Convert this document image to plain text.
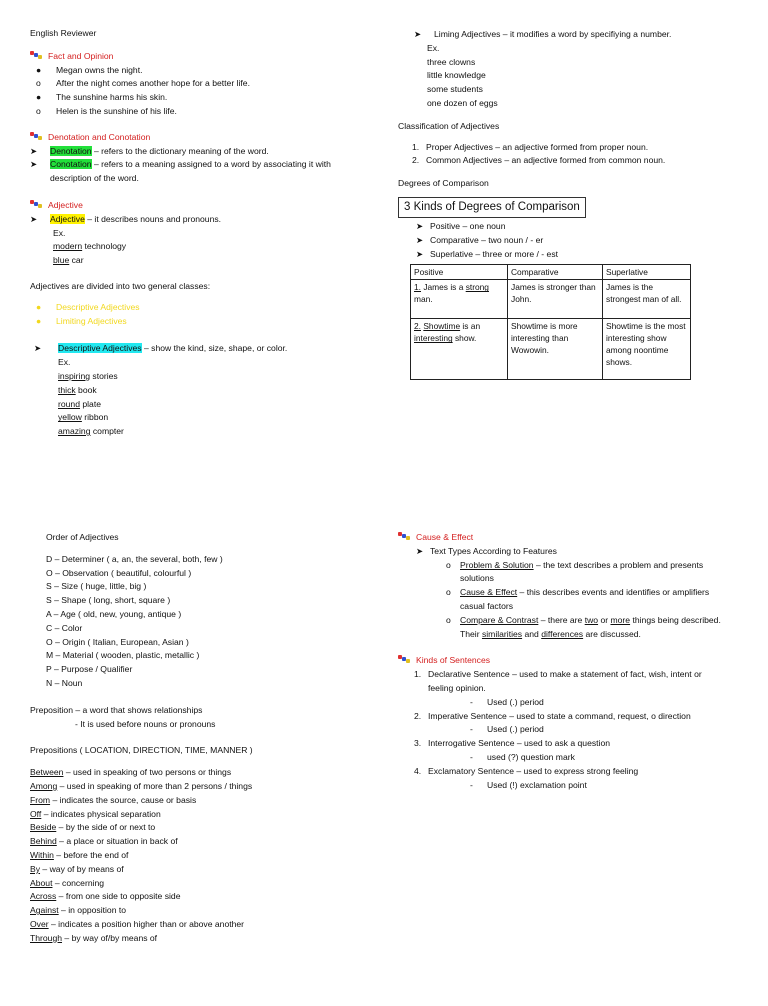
English Reviewer
Fact and Opinion
● Megan owns the night.
o After the night comes another hope for a better life.
● The sunshine harms his skin.
o Helen is the sunshine of his life.
Denotation and Conotation
➤ Denotation – refers to the dictionary meaning of the word.
➤ Conotation – refers to a meaning assigned to a word by associating it with
description of the word.
Adjective
➤ Adjective – it describes nouns and pronouns.
Ex.
modern technology
blue car
Adjectives are divided into two general classes:
● Descriptive Adjectives
● Limiting Adjectives
➤ Descriptive Adjectives – show the kind, size, shape, or color.
Ex.
inspiring stories
thick book
round plate
yellow ribbon
amazing compter
➤ Liming Adjectives – it modifies a word by specifiying a number.
Ex.
three clowns
little knowledge
some students
one dozen of eggs
Classification of Adjectives
1. Proper Adjectives – an adjective formed from proper noun.
2. Common Adjectives – an adjective formed from common noun.
Degrees of Comparison
3 Kinds of Degrees of Comparison
➤ Positive – one noun
➤ Comparative – two noun / - er
➤ Superlative – three or more / - est
Positive	Comparative	Superlative
1. James is a strong man.	James is stronger than John.	James is the strongest man of all.
2. Showtime is an interesting show.	Showtime is more interesting than Wowowin.	Showtime is the most interesting show among noontime shows.
Order of Adjectives
D – Determiner ( a, an, the several, both, few )
O – Observation ( beautiful, colourful )
S – Size ( huge, little, big )
S – Shape ( long, short, square )
A – Age ( old, new, young, antique )
C – Color
O – Origin ( Italian, European, Asian )
M – Material ( wooden, plastic, metallic )
P – Purpose / Qualifier
N – Noun
Preposition – a word that shows relationships
- It is used before nouns or pronouns
Prepositions ( LOCATION, DIRECTION, TIME, MANNER )
Between – used in speaking of two persons or things
Among – used in speaking of more than 2 persons / things
From – indicates the source, cause or basis
Off – indicates physical separation
Beside – by the side of or next to
Behind – a place or situation in back of
Within – before the end of
By – way of by means of
About – concerning
Across – from one side to opposite side
Against – in opposition to
Over – indicates a position higher than or above another
Through – by way of/by means of
Cause & Effect
➤ Text Types According to Features
o Problem & Solution – the text describes a problem and presents
solutions
o Cause & Effect – this describes events and identifies or amplifiers
casual factors
o Compare & Contrast – there are two or more things being described.
Their similarities and differences are discussed.
Kinds of Sentences
1. Declarative Sentence – used to make a statement of fact, wish, intent or
feeling opinion.
- Used (.) period
2. Imperative Sentence – used to state a command, request, o direction
- Used (.) period
3. Interrogative Sentence – used to ask a question
- used (?) question mark
4. Exclamatory Sentence – used to express strong feeling
- Used (!) exclamation point
